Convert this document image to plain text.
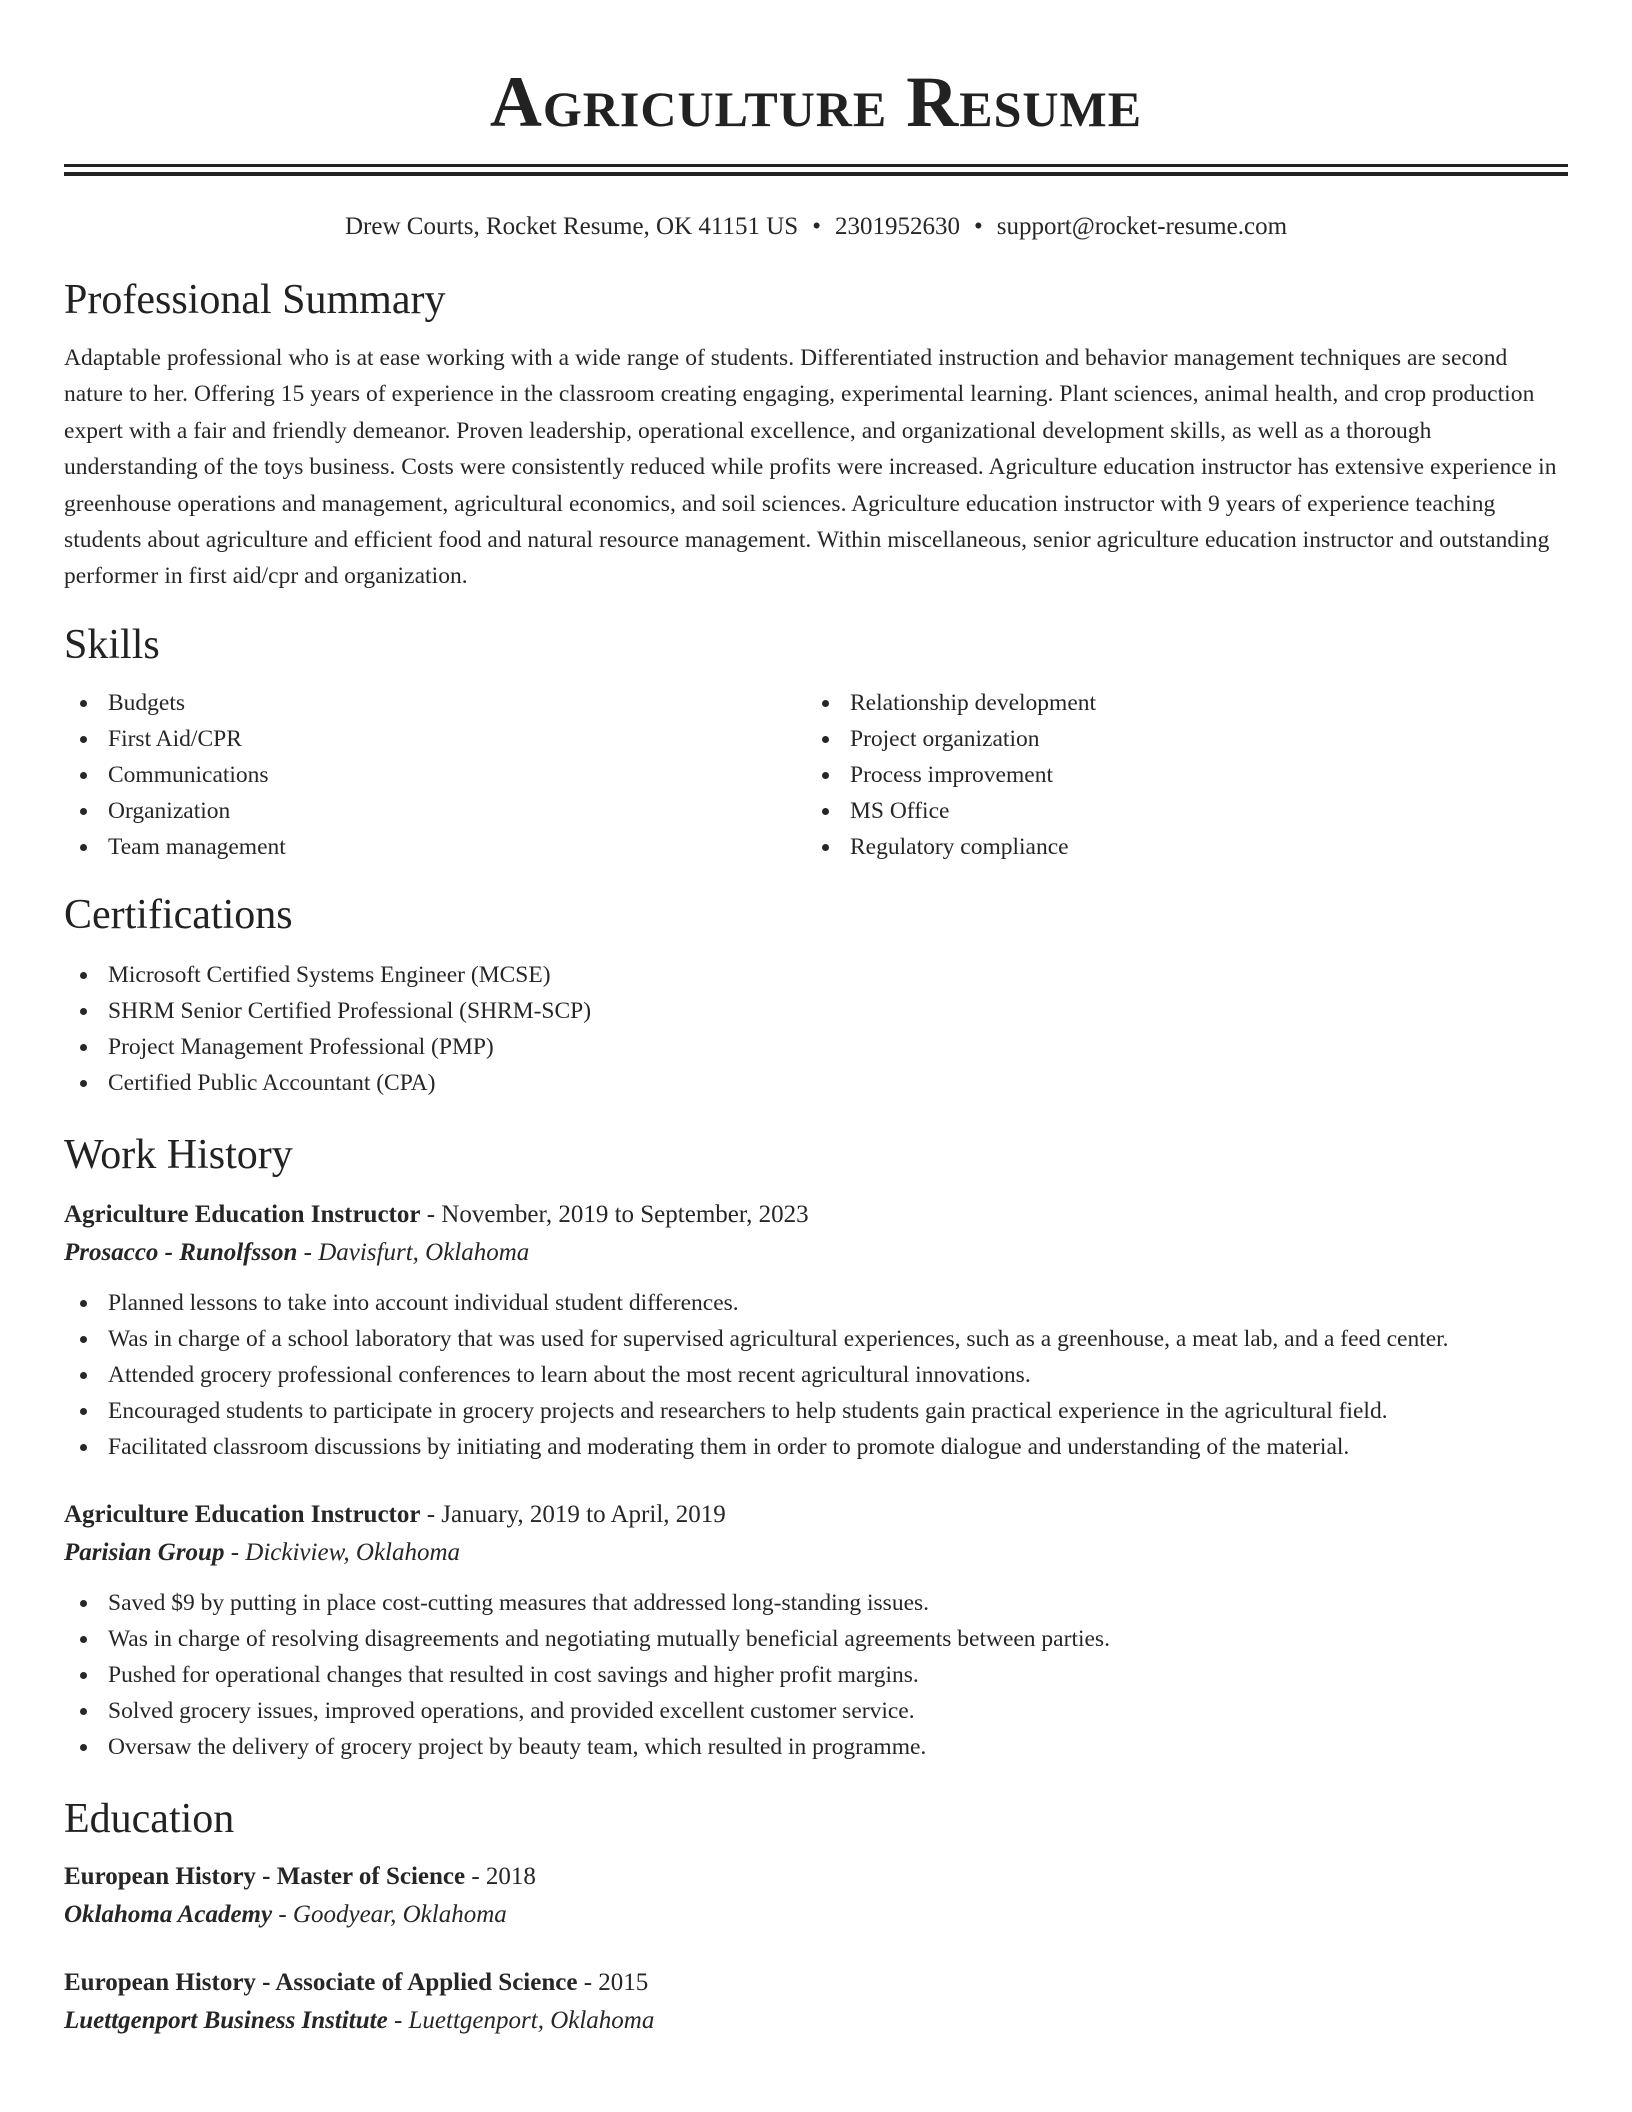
Agriculture Resume
Drew Courts, Rocket Resume, OK 41151 US • 2301952630 • support@rocket-resume.com
Professional Summary

Adaptable professional who is at ease working with a wide range of students. Differentiated instruction and behavior management techniques are second nature to her. Offering 15 years of experience in the classroom creating engaging, experimental learning. Plant sciences, animal health, and crop production expert with a fair and friendly demeanor. Proven leadership, operational excellence, and organizational development skills, as well as a thorough understanding of the toys business. Costs were consistently reduced while profits were increased. Agriculture education instructor has extensive experience in greenhouse operations and management, agricultural economics, and soil sciences. Agriculture education instructor with 9 years of experience teaching students about agriculture and efficient food and natural resource management. Within miscellaneous, senior agriculture education instructor and outstanding performer in first aid/cpr and organization.

Skills
Budgets
First Aid/CPR
Communications
Organization
Team management
Relationship development
Project organization
Process improvement
MS Office
Regulatory compliance
Certifications
Microsoft Certified Systems Engineer (MCSE)
SHRM Senior Certified Professional (SHRM-SCP)
Project Management Professional (PMP)
Certified Public Accountant (CPA)
Work History
Agriculture Education Instructor - November, 2019 to September, 2023
Prosacco - Runolfsson - Davisfurt, Oklahoma
Planned lessons to take into account individual student differences.
Was in charge of a school laboratory that was used for supervised agricultural experiences, such as a greenhouse, a meat lab, and a feed center.
Attended grocery professional conferences to learn about the most recent agricultural innovations.
Encouraged students to participate in grocery projects and researchers to help students gain practical experience in the agricultural field.
Facilitated classroom discussions by initiating and moderating them in order to promote dialogue and understanding of the material.
Agriculture Education Instructor - January, 2019 to April, 2019
Parisian Group - Dickiview, Oklahoma
Saved $9 by putting in place cost-cutting measures that addressed long-standing issues.
Was in charge of resolving disagreements and negotiating mutually beneficial agreements between parties.
Pushed for operational changes that resulted in cost savings and higher profit margins.
Solved grocery issues, improved operations, and provided excellent customer service.
Oversaw the delivery of grocery project by beauty team, which resulted in programme.
Education
European History - Master of Science - 2018
Oklahoma Academy - Goodyear, Oklahoma
European History - Associate of Applied Science - 2015
Luettgenport Business Institute - Luettgenport, Oklahoma
